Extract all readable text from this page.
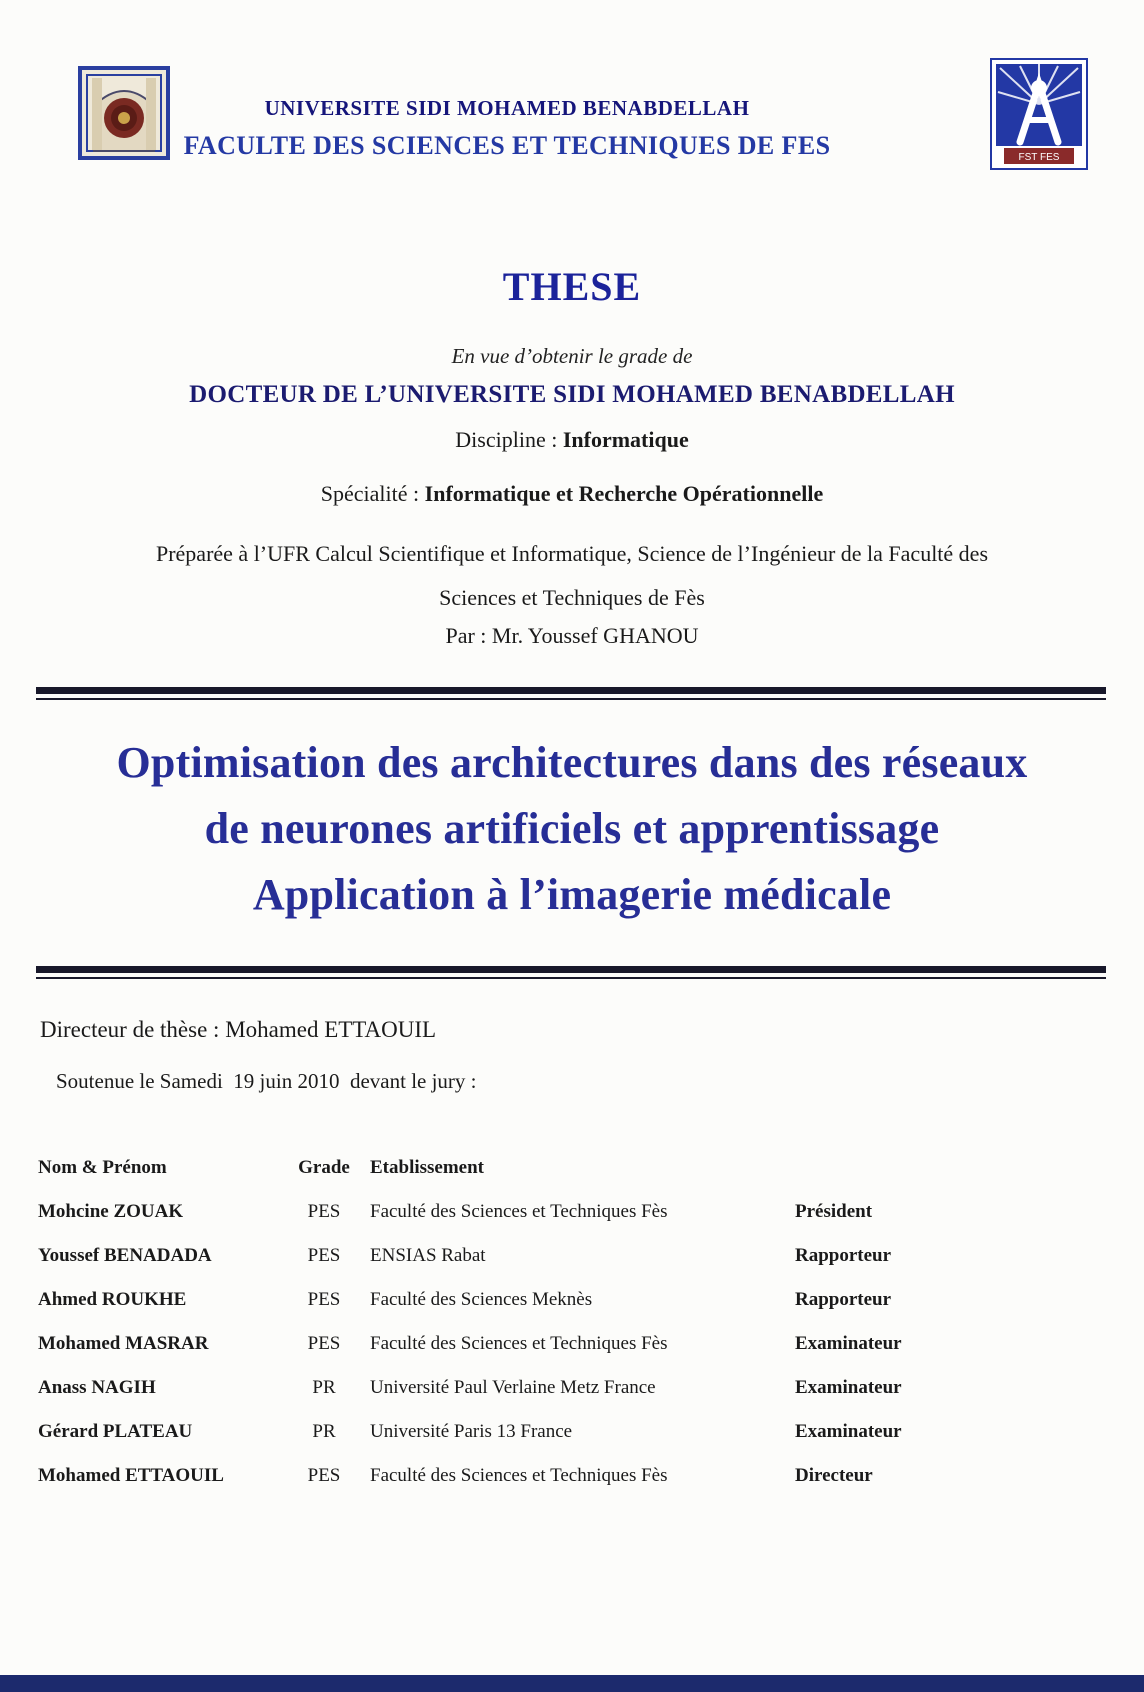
UNIVERSITE SIDI MOHAMED BENABDELLAH
FACULTE DES SCIENCES ET TECHNIQUES DE FES	FST FES
THESE
En vue d’obtenir le grade de
DOCTEUR DE L’UNIVERSITE SIDI MOHAMED BENABDELLAH
Discipline : Informatique
Spécialité : Informatique et Recherche Opérationnelle
Préparée à l’UFR Calcul Scientifique et Informatique, Science de l’Ingénieur de la Faculté des
Sciences et Techniques de Fès
Par : Mr. Youssef GHANOU
Optimisation des architectures dans des réseaux
de neurones artificiels et apprentissage
Application à l’imagerie médicale
Directeur de thèse : Mohamed ETTAOUIL
Soutenue le Samedi  19 juin 2010  devant le jury :
Nom & Prénom	Grade	Etablissement
Mohcine ZOUAK	PES	Faculté des Sciences et Techniques Fès	Président
Youssef BENADADA	PES	ENSIAS Rabat	Rapporteur
Ahmed ROUKHE	PES	Faculté des Sciences Meknès	Rapporteur
Mohamed MASRAR	PES	Faculté des Sciences et Techniques Fès	Examinateur
Anass NAGIH	PR	Université Paul Verlaine Metz France	Examinateur
Gérard PLATEAU	PR	Université Paris 13 France	Examinateur
Mohamed ETTAOUIL	PES	Faculté des Sciences et Techniques Fès	Directeur
